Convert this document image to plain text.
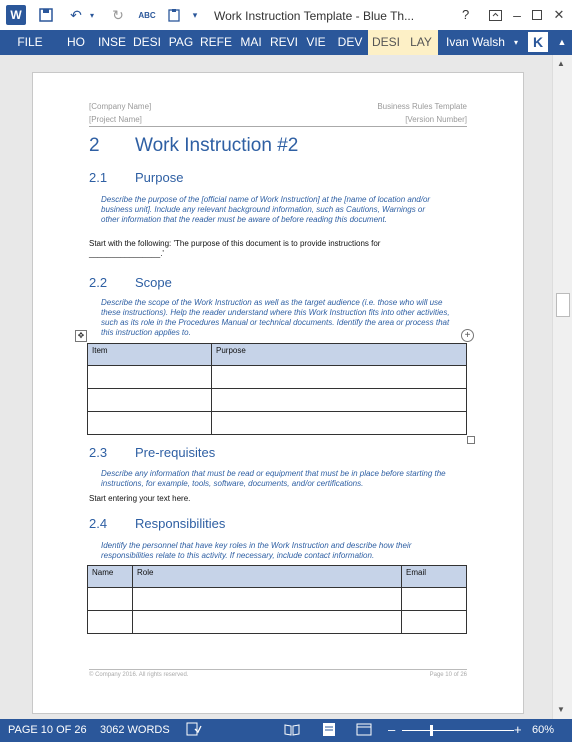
W	↶	▾ ↻	ABC	▾	Work Instruction Template - Blue Th...	?	–	✕
FILE	HO	INSE DESI PAG REFE MAI REVI VIE DEV DESI LAY	Ivan Walsh	▾	K	▲
[Company Name]
[Project Name]
Business Rules Template
[Version Number]
2 Work Instruction #2
2.1 Purpose
Describe the purpose of the [official name of Work Instruction] at the [name of location and/or business unit]. Include any relevant background information, such as Cautions, Warnings or other information that the reader must be aware of before reading this document.
Start with the following: 'The purpose of this document is to provide instructions for
________________.'
2.2 Scope
Describe the scope of the Work Instruction as well as the target audience (i.e. those who will use these instructions). Help the reader understand where this Work Instruction fits into other activities, such as its role in the Procedures Manual or technical documents. Identify the area or process that this instruction applies to.
✥	+
Item	Purpose

2.3 Pre-requisites
Describe any information that must be read or equipment that must be in place before starting the instructions, for example, tools, software, documents, and/or certifications.
Start entering your text here.
2.4 Responsibilities
Identify the personnel that have key roles in the Work Instruction and describe how their responsibilities relate to this activity. If necessary, include contact information.
Name	Role	Email

© Company 2016. All rights reserved.	Page 10 of 26
▲
▼
PAGE 10 OF 26 3062 WORDS	–	+ 60%
